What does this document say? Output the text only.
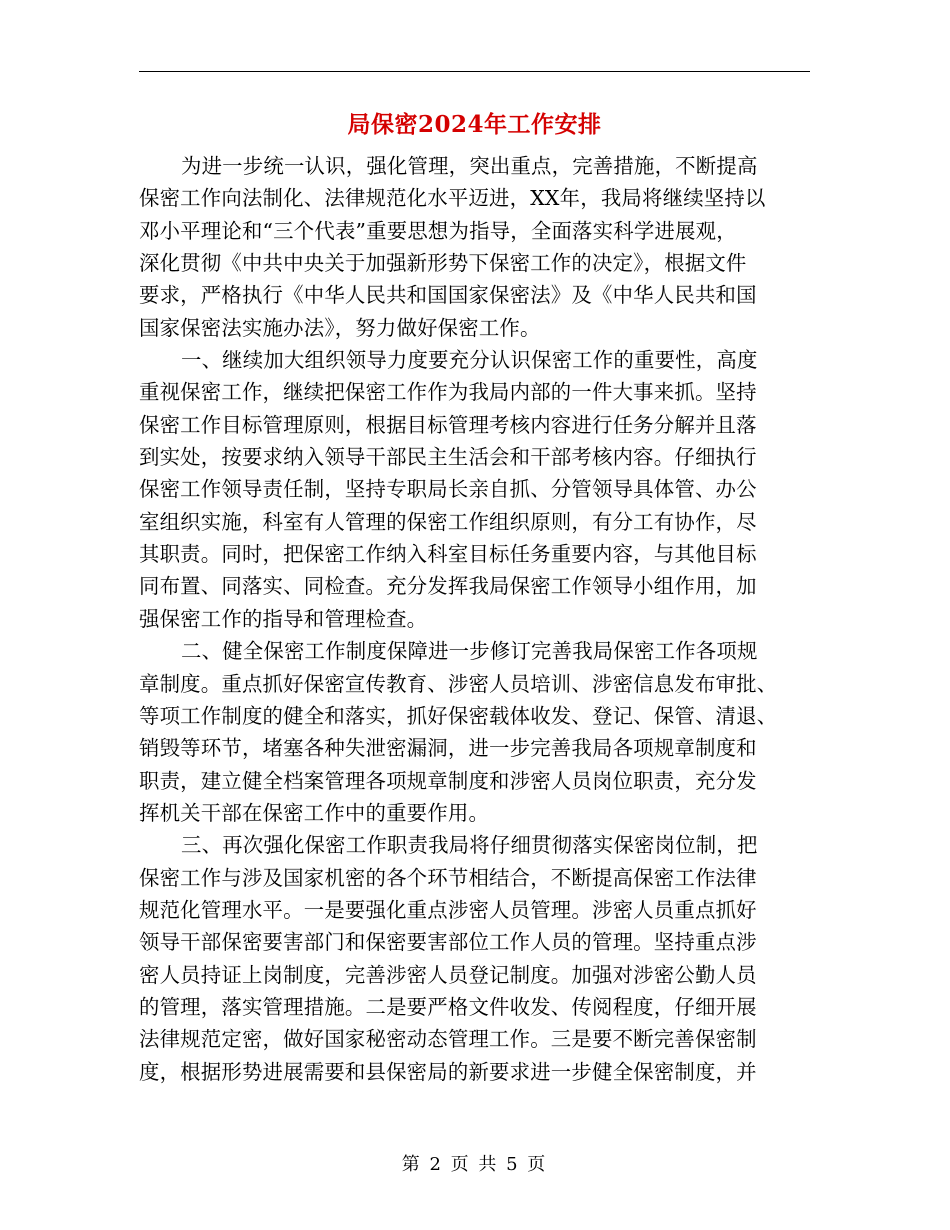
局保密2024年工作安排
为进一步统一认识，强化管理，突出重点，完善措施，不断提高
保密工作向法制化、法律规范化水平迈进，XX年，我局将继续坚持以
邓小平理论和“三个代表”重要思想为指导，全面落实科学进展观，
深化贯彻《中共中央关于加强新形势下保密工作的决定》，根据文件
要求，严格执行《中华人民共和国国家保密法》及《中华人民共和国
国家保密法实施办法》，努力做好保密工作。
一、继续加大组织领导力度要充分认识保密工作的重要性，高度
重视保密工作，继续把保密工作作为我局内部的一件大事来抓。坚持
保密工作目标管理原则，根据目标管理考核内容进行任务分解并且落
到实处，按要求纳入领导干部民主生活会和干部考核内容。仔细执行
保密工作领导责任制，坚持专职局长亲自抓、分管领导具体管、办公
室组织实施，科室有人管理的保密工作组织原则，有分工有协作，尽
其职责。同时，把保密工作纳入科室目标任务重要内容，与其他目标
同布置、同落实、同检查。充分发挥我局保密工作领导小组作用，加
强保密工作的指导和管理检查。
二、健全保密工作制度保障进一步修订完善我局保密工作各项规
章制度。重点抓好保密宣传教育、涉密人员培训、涉密信息发布审批、
等项工作制度的健全和落实，抓好保密载体收发、登记、保管、清退、
销毁等环节，堵塞各种失泄密漏洞，进一步完善我局各项规章制度和
职责，建立健全档案管理各项规章制度和涉密人员岗位职责，充分发
挥机关干部在保密工作中的重要作用。
三、再次强化保密工作职责我局将仔细贯彻落实保密岗位制，把
保密工作与涉及国家机密的各个环节相结合，不断提高保密工作法律
规范化管理水平。一是要强化重点涉密人员管理。涉密人员重点抓好
领导干部保密要害部门和保密要害部位工作人员的管理。坚持重点涉
密人员持证上岗制度，完善涉密人员登记制度。加强对涉密公勤人员
的管理，落实管理措施。二是要严格文件收发、传阅程度，仔细开展
法律规范定密，做好国家秘密动态管理工作。三是要不断完善保密制
度，根据形势进展需要和县保密局的新要求进一步健全保密制度，并
第 2 页 共 5 页
